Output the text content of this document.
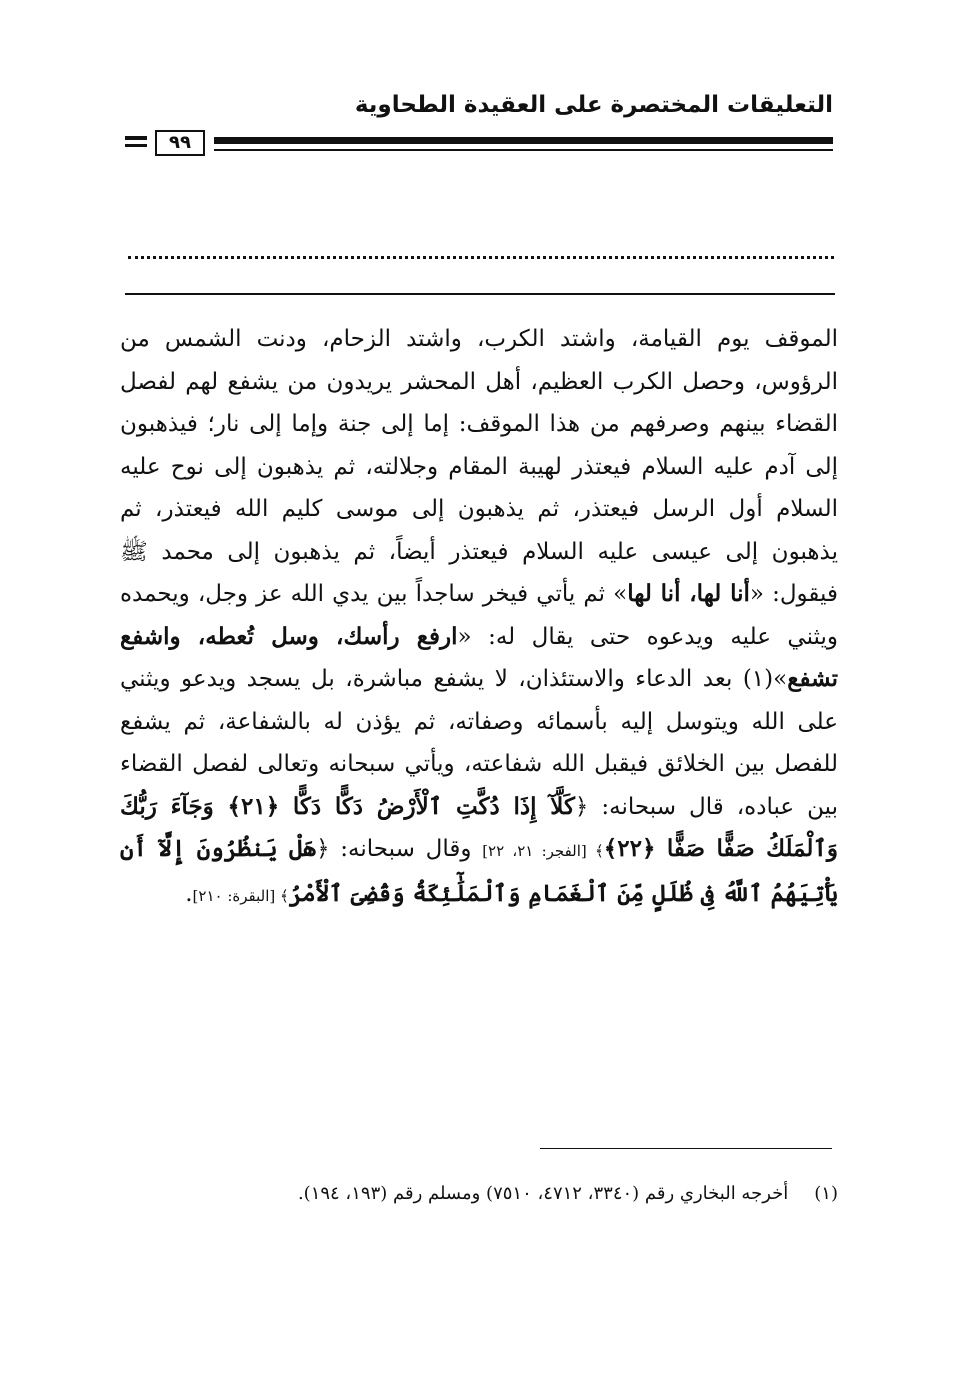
التعليقات المختصرة على العقيدة الطحاوية
٩٩

الموقف يوم القيامة، واشتد الكرب، واشتد الزحام، ودنت الشمس من الرؤوس، وحصل الكرب العظيم، أهل المحشر يريدون من يشفع لهم لفصل القضاء بينهم وصرفهم من هذا الموقف: إما إلى جنة وإما إلى نار؛ فيذهبون إلى آدم عليه السلام فيعتذر لهيبة المقام وجلالته، ثم يذهبون إلى نوح عليه السلام أول الرسل فيعتذر، ثم يذهبون إلى موسى كليم الله فيعتذر، ثم يذهبون إلى عيسى عليه السلام فيعتذر أيضاً، ثم يذهبون إلى محمد ﷺ فيقول: «أنا لها، أنا لها» ثم يأتي فيخر ساجداً بين يدي الله عز وجل، ويحمده ويثني عليه ويدعوه حتى يقال له: «ارفع رأسك، وسل تُعطه، واشفع تشفع»(١) بعد الدعاء والاستئذان، لا يشفع مباشرة، بل يسجد ويدعو ويثني على الله ويتوسل إليه بأسمائه وصفاته، ثم يؤذن له بالشفاعة، ثم يشفع للفصل بين الخلائق فيقبل الله شفاعته، ويأتي سبحانه وتعالى لفصل القضاء بين عباده، قال سبحانه: ﴿كَلَّآ إِذَا دُكَّتِ ٱلْأَرْضُ دَكًّا دَكًّا ﴿٢١﴾ وَجَآءَ رَبُّكَ وَٱلْمَلَكُ صَفًّا صَفًّا ﴿٢٢﴾﴾ [الفجر: ٢١، ٢٢] وقال سبحانه: ﴿هَلْ يَنظُرُونَ إِلَّآ أَن يَأْتِيَهُمُ ٱللَّهُ فِى ظُلَلٍ مِّنَ ٱلْغَمَامِ وَٱلْمَلَٰٓئِكَةُ وَقُضِىَ ٱلْأَمْرُ﴾ [البقرة: ٢١٠].

(١)أخرجه البخاري رقم (٣٣٤٠، ٤٧١٢، ٧٥١٠) ومسلم رقم (١٩٣، ١٩٤).
